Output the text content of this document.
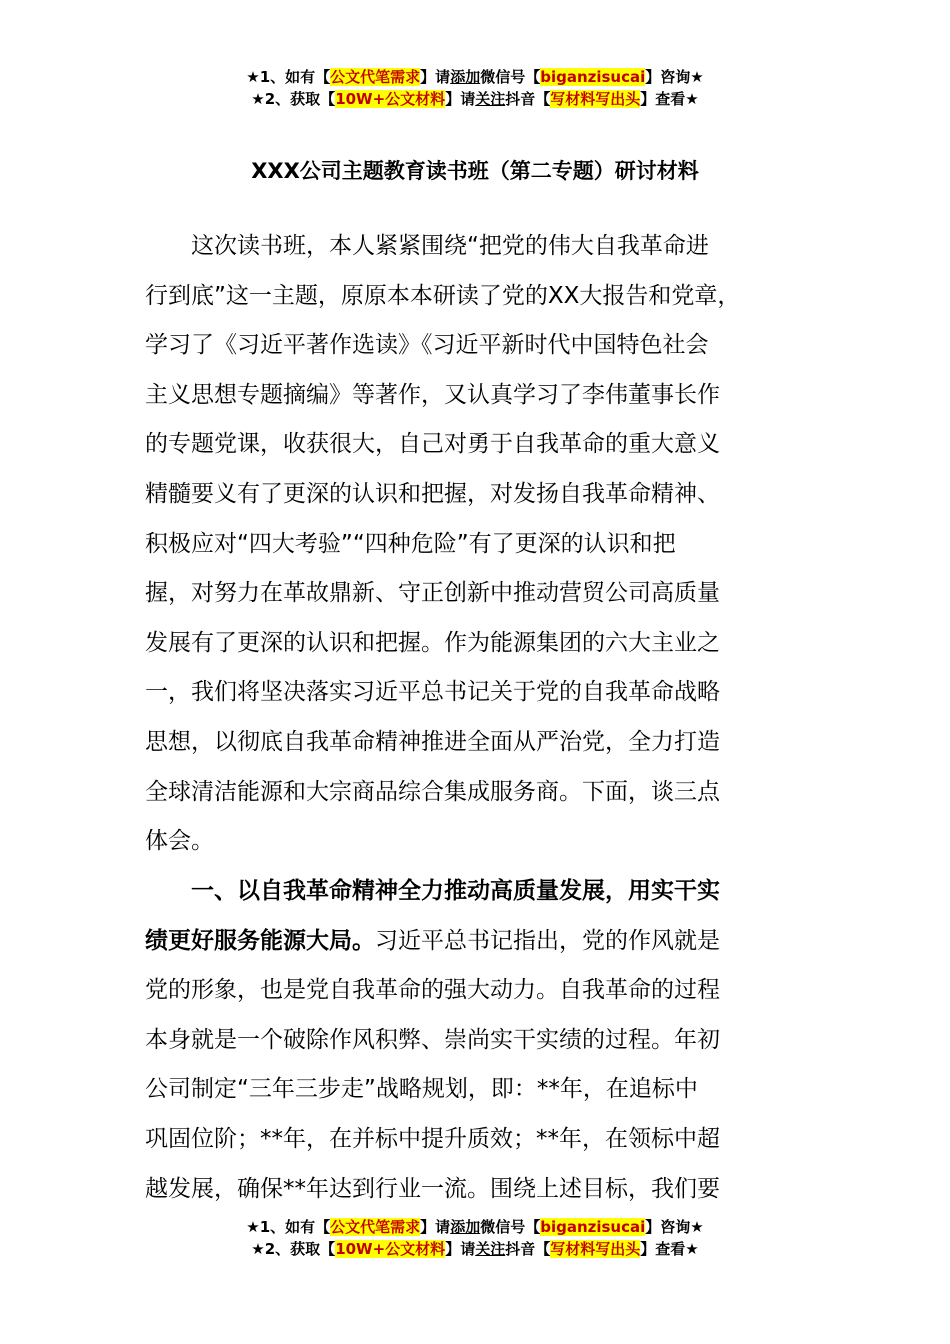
★1、如有【公文代笔需求】请添加微信号【biganzisucai】咨询★
★2、获取【10W+公文材料】请关注抖音【写材料写出头】查看★
XXX公司主题教育读书班（第二专题）研讨材料
　　这次读书班，本人紧紧围绕“把党的伟大自我革命进
行到底”这一主题，原原本本研读了党的XX大报告和党章，
学习了《习近平著作选读》《习近平新时代中国特色社会
主义思想专题摘编》等著作，又认真学习了李伟董事长作
的专题党课，收获很大，自己对勇于自我革命的重大意义
精髓要义有了更深的认识和把握，对发扬自我革命精神、
积极应对“四大考验”“四种危险”有了更深的认识和把
握，对努力在革故鼎新、守正创新中推动营贸公司高质量
发展有了更深的认识和把握。作为能源集团的六大主业之
一，我们将坚决落实习近平总书记关于党的自我革命战略
思想，以彻底自我革命精神推进全面从严治党，全力打造
全球清洁能源和大宗商品综合集成服务商。下面，谈三点
体会。
　　一、以自我革命精神全力推动高质量发展，用实干实
绩更好服务能源大局。习近平总书记指出，党的作风就是
党的形象，也是党自我革命的强大动力。自我革命的过程
本身就是一个破除作风积弊、崇尚实干实绩的过程。年初
公司制定“三年三步走”战略规划，即：**年，在追标中
巩固位阶；**年，在并标中提升质效；**年，在领标中超
越发展，确保**年达到行业一流。围绕上述目标，我们要
★1、如有【公文代笔需求】请添加微信号【biganzisucai】咨询★
★2、获取【10W+公文材料】请关注抖音【写材料写出头】查看★
